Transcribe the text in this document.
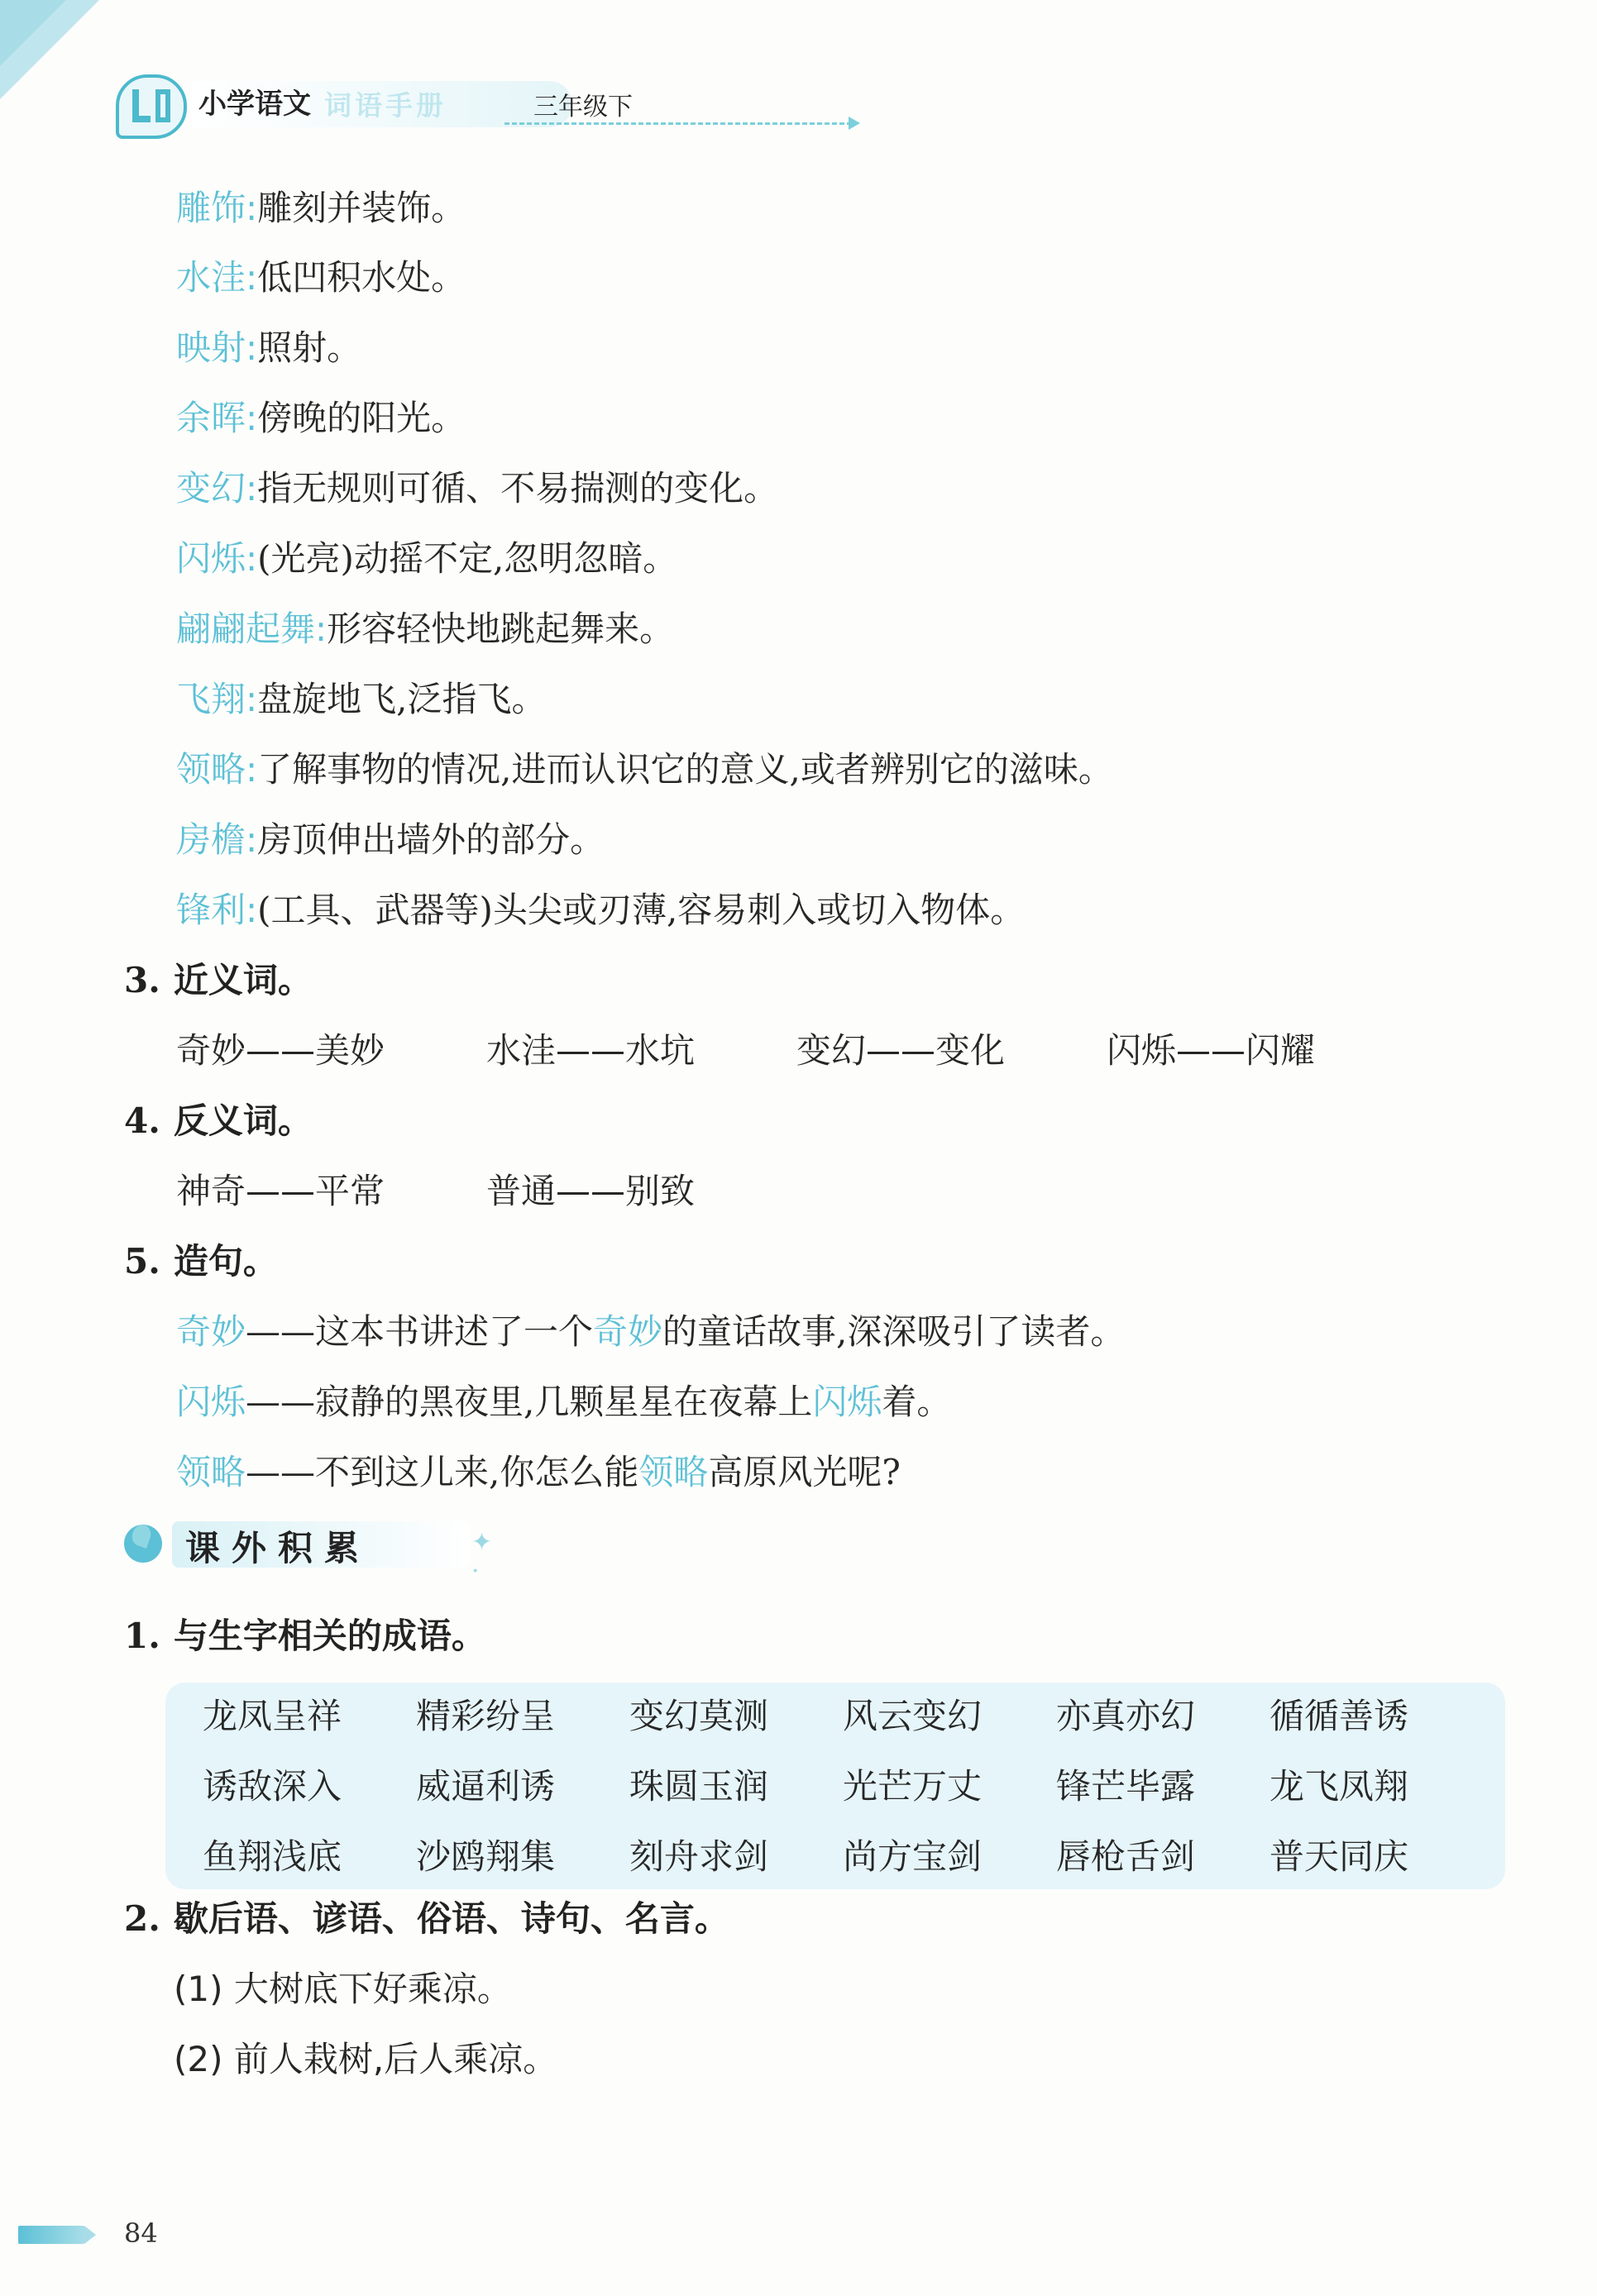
小学语文 词语手册	三年级下
雕饰:雕刻并装饰。
水洼:低凹积水处。
映射:照射。
余晖:傍晚的阳光。
变幻:指无规则可循、不易揣测的变化。
闪烁:(光亮)动摇不定,忽明忽暗。
翩翩起舞:形容轻快地跳起舞来。
飞翔:盘旋地飞,泛指飞。
领略:了解事物的情况,进而认识它的意义,或者辨别它的滋味。
房檐:房顶伸出墙外的部分。
锋利:(工具、武器等)头尖或刃薄,容易刺入或切入物体。
3. 近义词。
奇妙——美妙	水洼——水坑	变幻——变化	闪烁——闪耀
4. 反义词。
神奇——平常	普通——别致
5. 造句。
奇妙——这本书讲述了一个奇妙的童话故事,深深吸引了读者。
闪烁——寂静的黑夜里,几颗星星在夜幕上闪烁着。
领略——不到这儿来,你怎么能领略高原风光呢?
课外积累	✦ ·
1. 与生字相关的成语。
龙凤呈祥 精彩纷呈 变幻莫测 风云变幻 亦真亦幻 循循善诱
诱敌深入 威逼利诱 珠圆玉润 光芒万丈 锋芒毕露 龙飞凤翔
鱼翔浅底 沙鸥翔集 刻舟求剑 尚方宝剑 唇枪舌剑 普天同庆
2. 歇后语、谚语、俗语、诗句、名言。
(1) 大树底下好乘凉。
(2) 前人栽树,后人乘凉。
84
